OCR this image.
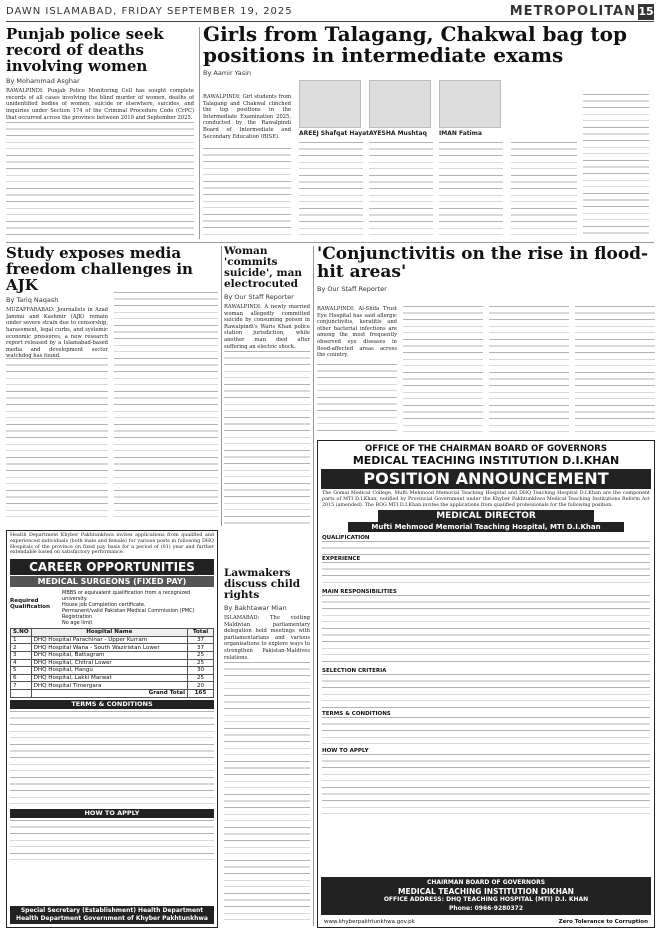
DAWN ISLAMABAD, FRIDAY SEPTEMBER 19, 2025	METROPOLITAN 15
Punjab police seek record of deaths involving women
By Mohammad Asghar
RAWALPINDI: Punjab Police Monitoring Cell has sought complete records of all cases involving the blind murder of women, deaths of unidentified bodies of women, suicide or elsewhere, suicides, and inquiries under Section 174 of the Criminal Procedure Code (CrPC) that occurred across the province between 2019 and September 2025.
Girls from Talagang, Chakwal bag top positions in intermediate exams
By Aamir Yasin
RAWALPINDI: Girl students from Talagang and Chakwal clinched the top positions in the Intermediate Examination 2025, conducted by the Rawalpindi Board of Intermediate and Secondary Education (BISE).	AREEJ Shafqat Hayat AYESHA Mushtaq IMAN Fatima
Study exposes media freedom challenges in AJK
By Tariq Naqash
MUZAFFARABAD: Journalists in Azad Jammu and Kashmir (AJK) remain under severe strain due to censorship, harassment, legal curbs, and systemic economic pressures, a new research report released by a Islamabad-based media and development sector watchdog has found.
Woman 'commits suicide', man electrocuted
By Our Staff Reporter
RAWALPINDI: A newly married woman allegedly committed suicide by consuming poison in Rawalpindi's Waris Khan police station jurisdiction, while another man died after suffering an electric shock.
Lawmakers discuss child rights
By Bakhtawar Mian
ISLAMABAD: The visiting Maldivian parliamentary delegation held meetings with parliamentarians and various organisations to explore ways to strengthen Pakistan-Maldives relations.
'Conjunctivitis on the rise in flood-hit areas'
By Our Staff Reporter
RAWALPINDI: Al-Shifa Trust Eye Hospital has said allergic conjunctivitis, keratitis and other bacterial infections are among the most frequently observed eye diseases in flood-affected areas across the country.
Health Department Khyber Pakhtunkhwa invites applications from qualified and experienced individuals (both male and female) for various posts in following DHQ Hospitals of the province on fixed pay basis for a period of (01) year and further extendable based on satisfactory performance.
CAREER OPPORTUNITIES
MEDICAL SURGEONS (FIXED PAY)
Required Qualification
MBBS or equivalent qualification from a recognized university.
House job Completion certificate.
Permanent/valid Pakistan Medical Commission (PMC) Registration
No age limit
S.NO	Hospital Name	Total
1	DHQ Hospital Parachinar - Upper Kurram	37
2	DHQ Hospital Wana - South Waziristan Lower	37
3	DHQ Hospital, Battagram	25
4	DHQ Hospital, Chitral Lower	25
5	DHQ Hospital, Hangu	30
6	DHQ Hospital, Lakki Marwat	25
7	DHQ Hospital Timergara	20
	Grand Total	165
TERMS & CONDITIONS
HOW TO APPLY
Special Secretary (Establishment) Health Department
Health Department Government of Khyber Pakhtunkhwa
OFFICE OF THE CHAIRMAN BOARD OF GOVERNORS
MEDICAL TEACHING INSTITUTION D.I.KHAN
POSITION ANNOUNCEMENT
The Gomal Medical College, Mufti Mehmood Memorial Teaching Hospital and DHQ Teaching Hospital D.I.Khan are the component parts of MTI D.I.Khan, notified by Provincial Government under the Khyber Pakhtunkhwa Medical Teaching Institutions Reform Act 2015 (amended). The BOG MTI D.I.Khan invites the applications from qualified professionals for the following position.
MEDICAL DIRECTOR
Mufti Mehmood Memorial Teaching Hospital, MTI D.I.Khan
QUALIFICATION
EXPERIENCE
MAIN RESPONSIBILITIES
SELECTION CRITERIA
TERMS & CONDITIONS
HOW TO APPLY
CHAIRMAN BOARD OF GOVERNORS
MEDICAL TEACHING INSTITUTION DIKHAN
OFFICE ADDRESS: DHQ TEACHING HOSPITAL (MTI) D.I. KHAN
Phone: 0966-9280372
www.khyberpakhtunkhwa.gov.pk	Zero Tolerance to Corruption
